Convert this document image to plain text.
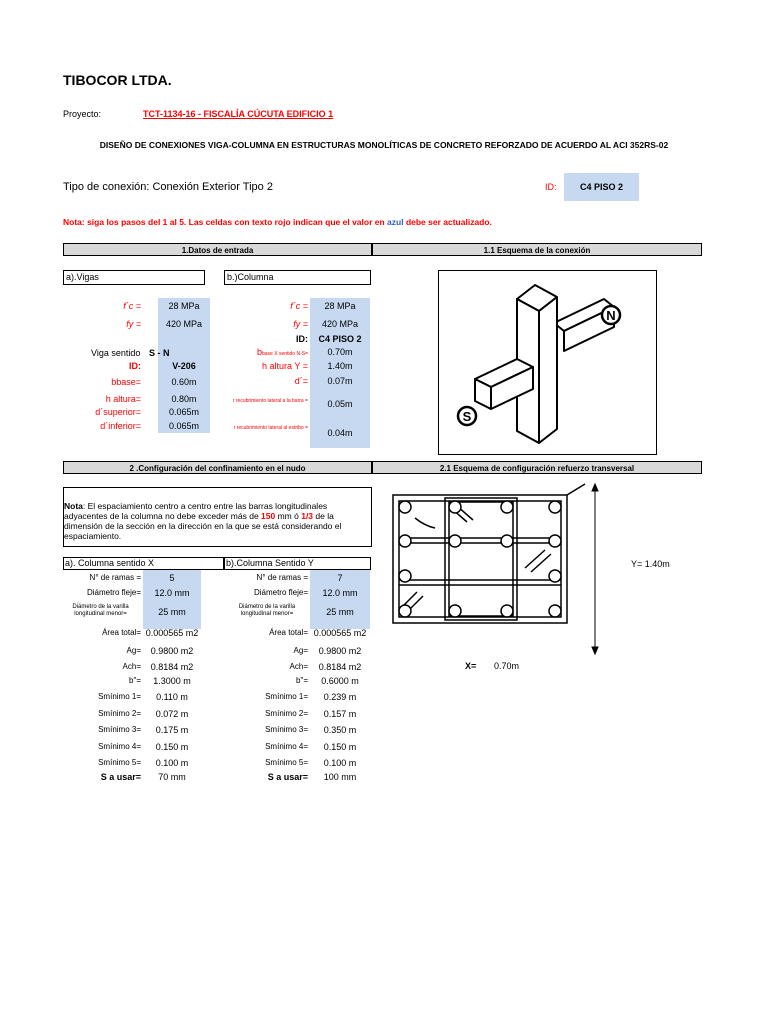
TIBOCOR LTDA.
Proyecto:	TCT-1134-16 - FISCALÍA CÚCUTA EDIFICIO 1
DISEÑO DE CONEXIONES VIGA-COLUMNA EN ESTRUCTURAS MONOLÍTICAS DE CONCRETO REFORZADO DE ACUERDO AL ACI 352RS-02
Tipo de conexión: Conexión Exterior Tipo 2	ID:	C4 PISO 2
Nota: siga los pasos del 1 al 5. Las celdas con texto rojo indican que el valor en azul debe ser actualizado.
1.Datos de entrada	1.1 Esquema de la conexión
a).Vigas
f´c =	28 MPa
fy =	420 MPa
Viga sentido S - N
ID:	V-206
bbase=	0.60m
h altura=	0.80m
d´superior=	0.065m
d´inferior=	0.065m
b.)Columna
f´c =	28 MPa
fy =	420 MPa
ID:	C4 PISO 2
bbase X sentido N-S=	0.70m
h altura Y =	1.40m
d´=	0.07m
r recubrimiento lateral a la barra =	0.05m
r recubrimiento lateral al estribo =	0.04m
N
S
2 .Configuración del confinamiento en el nudo	2.1 Esquema de configuración refuerzo transversal
Nota: El espaciamiento centro a centro entre las barras longitudinales adyacentes de la columna no debe exceder más de 150 mm ó 1/3 de la dimensión de la sección en la dirección en la que se está considerando el espaciamiento.
a). Columna sentido X
N° de ramas =	5
Diámetro fleje=	12.0 mm
Diámetro de la varilla longitudinal menor=	25 mm
Área total= 0.000565 m2
Ag=	0.9800 m2
Ach=	0.8184 m2
b"=	1.3000 m
Smínimo 1=	0.110 m
Smínimo 2=	0.072 m
Smínimo 3=	0.175 m
Smínimo 4=	0.150 m
Smínimo 5=	0.100 m
S a usar=	70 mm
b).Columna Sentido Y
N° de ramas =	7
Diámetro fleje=	12.0 mm
Diámetro de la varilla longitudinal menor=	25 mm
Área total= 0.000565 m2
Ag=	0.9800 m2
Ach=	0.8184 m2
b"=	0.6000 m
Smínimo 1=	0.239 m
Smínimo 2=	0.157 m
Smínimo 3=	0.350 m
Smínimo 4=	0.150 m
Smínimo 5=	0.100 m
S a usar=	100 mm
Y= 1.40m
X= 0.70m
